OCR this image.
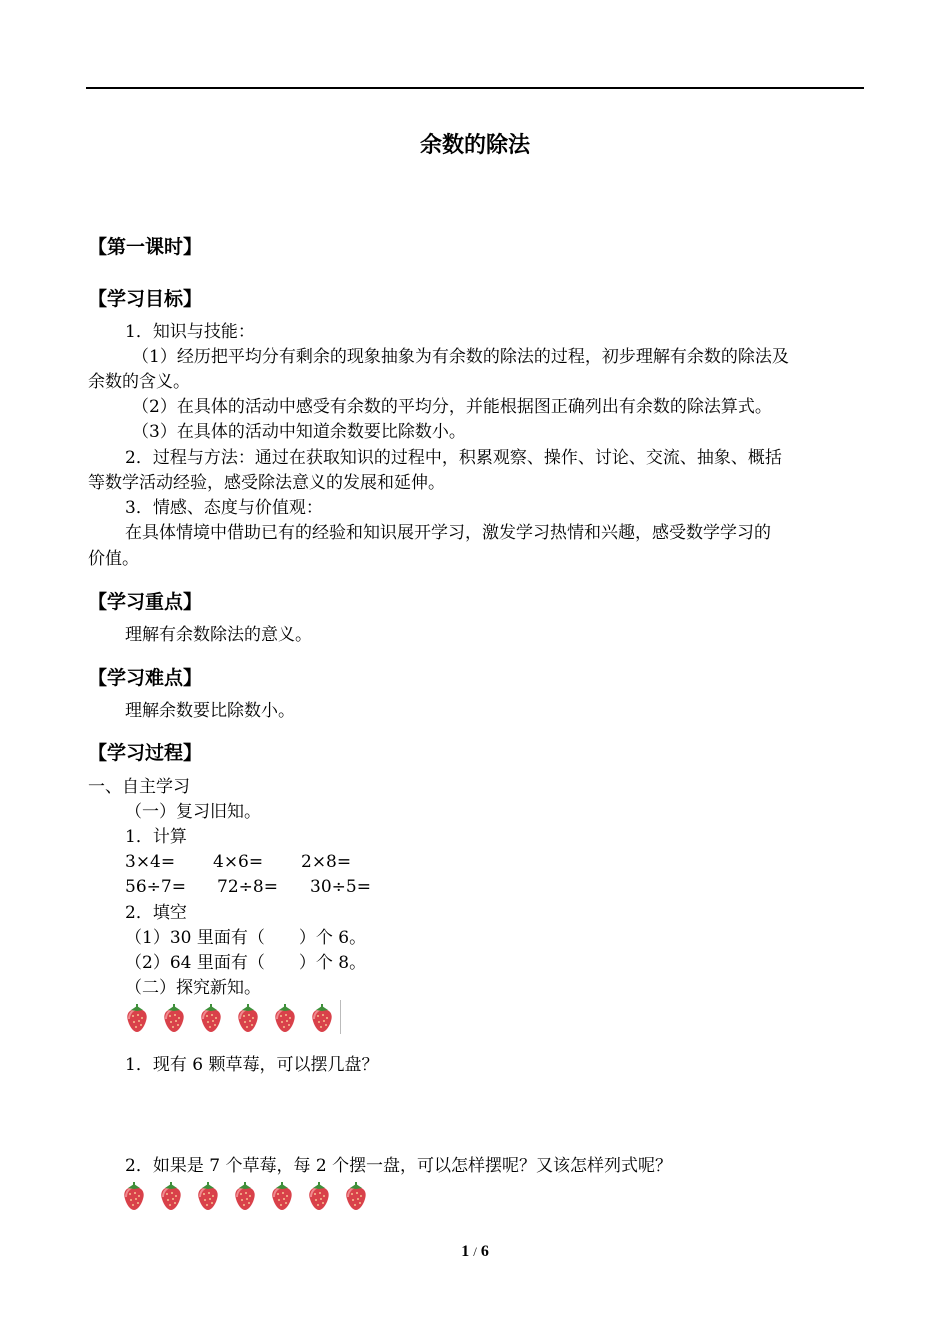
余数的除法
【第一课时】
【学习目标】
1．知识与技能：
（1）经历把平均分有剩余的现象抽象为有余数的除法的过程，初步理解有余数的除法及
余数的含义。
（2）在具体的活动中感受有余数的平均分，并能根据图正确列出有余数的除法算式。
（3）在具体的活动中知道余数要比除数小。
2．过程与方法：通过在获取知识的过程中，积累观察、操作、讨论、交流、抽象、概括
等数学活动经验，感受除法意义的发展和延伸。
3．情感、态度与价值观：
在具体情境中借助已有的经验和知识展开学习，激发学习热情和兴趣，感受数学学习的
价值。
【学习重点】
理解有余数除法的意义。
【学习难点】
理解余数要比除数小。
【学习过程】
一、自主学习
（一）复习旧知。
1．计算
3×4= 4×6= 2×8=
56÷7= 72÷8= 30÷5=
2．填空
（1）30 里面有（　　）个 6。
（2）64 里面有（　　）个 8。
（二）探究新知。
1．现有 6 颗草莓，可以摆几盘？
2．如果是 7 个草莓，每 2 个摆一盘，可以怎样摆呢？又该怎样列式呢？
1 / 6
